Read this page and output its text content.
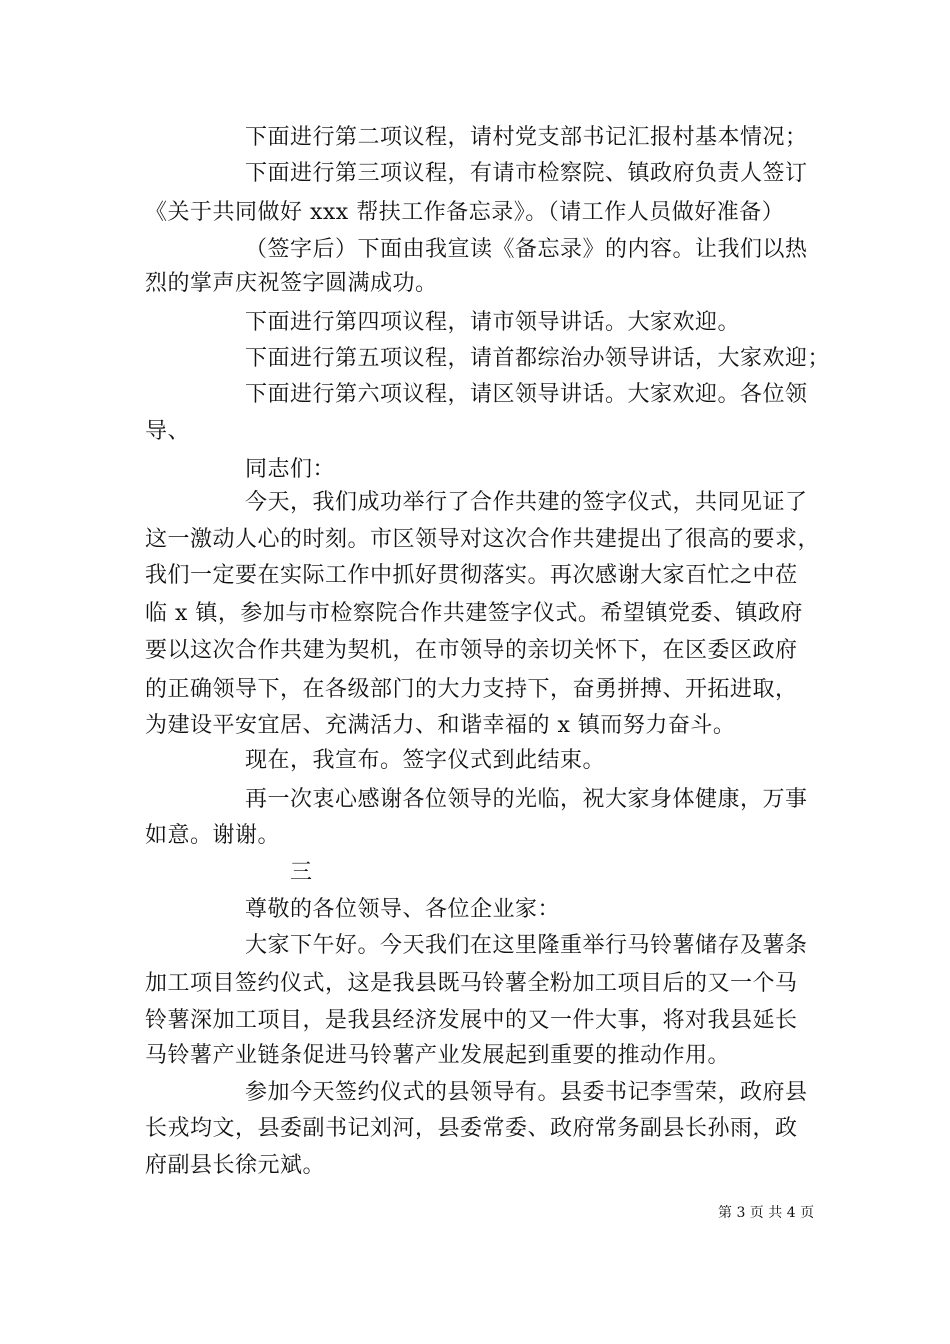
下面进行第二项议程，请村党支部书记汇报村基本情况；
下面进行第三项议程，有请市检察院、镇政府负责人签订
《关于共同做好 xxx 帮扶工作备忘录》。（请工作人员做好准备）
（签字后）下面由我宣读《备忘录》的内容。让我们以热
烈的掌声庆祝签字圆满成功。
下面进行第四项议程，请市领导讲话。大家欢迎。
下面进行第五项议程，请首都综治办领导讲话，大家欢迎；
下面进行第六项议程，请区领导讲话。大家欢迎。各位领
导、
同志们：
今天，我们成功举行了合作共建的签字仪式，共同见证了
这一激动人心的时刻。市区领导对这次合作共建提出了很高的要求，
我们一定要在实际工作中抓好贯彻落实。再次感谢大家百忙之中莅
临 x 镇，参加与市检察院合作共建签字仪式。希望镇党委、镇政府
要以这次合作共建为契机，在市领导的亲切关怀下，在区委区政府
的正确领导下，在各级部门的大力支持下，奋勇拼搏、开拓进取，
为建设平安宜居、充满活力、和谐幸福的 x 镇而努力奋斗。
现在，我宣布。签字仪式到此结束。
再一次衷心感谢各位领导的光临，祝大家身体健康，万事
如意。谢谢。
三
尊敬的各位领导、各位企业家：
大家下午好。今天我们在这里隆重举行马铃薯储存及薯条
加工项目签约仪式，这是我县既马铃薯全粉加工项目后的又一个马
铃薯深加工项目，是我县经济发展中的又一件大事，将对我县延长
马铃薯产业链条促进马铃薯产业发展起到重要的推动作用。
参加今天签约仪式的县领导有。县委书记李雪荣，政府县
长戎均文，县委副书记刘河，县委常委、政府常务副县长孙雨，政
府副县长徐元斌。
第 3 页 共 4 页
